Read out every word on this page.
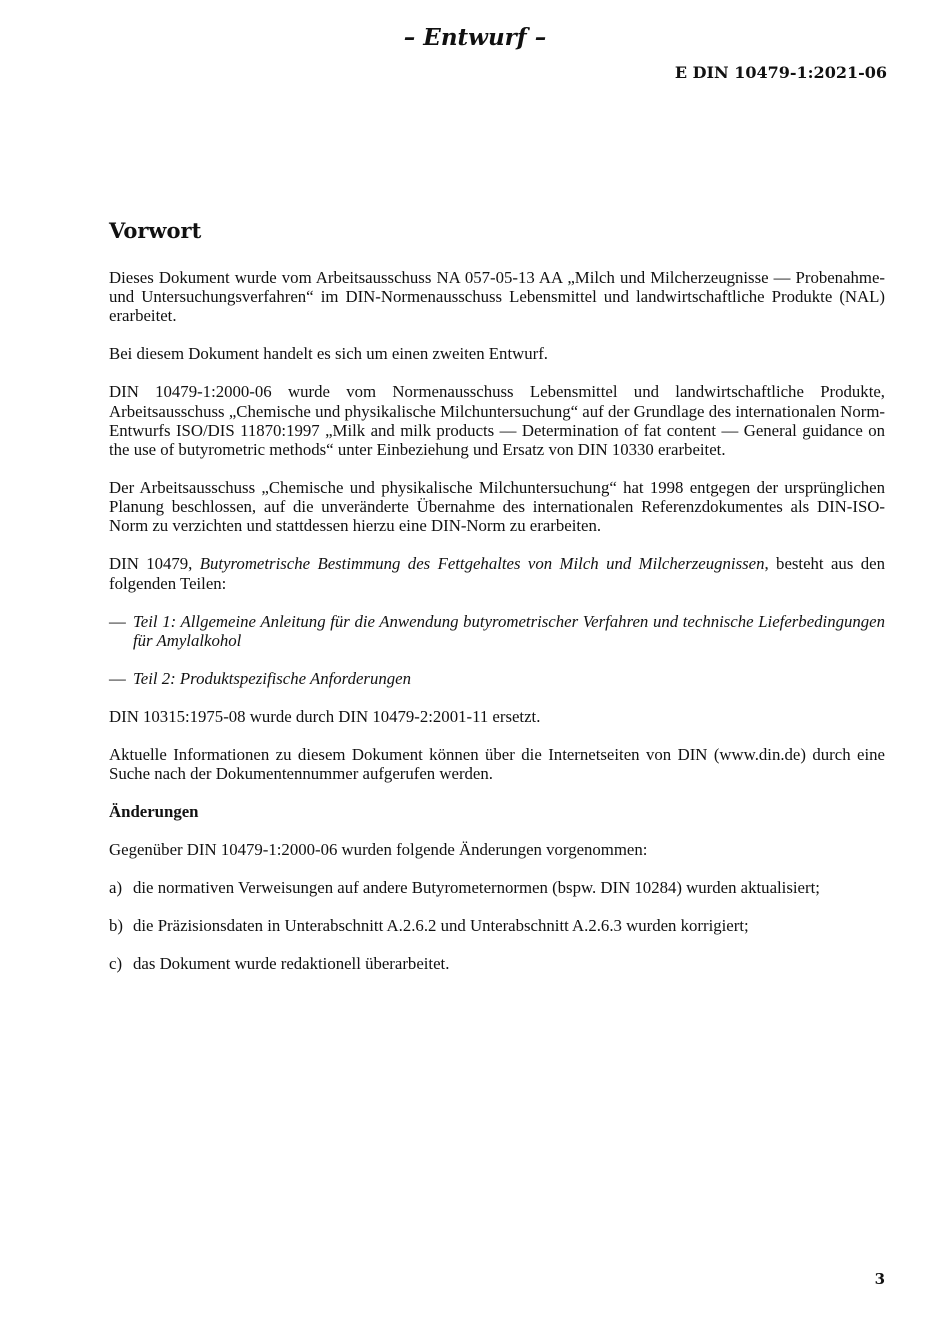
– Entwurf –
E DIN 10479-1:2021-06
Vorwort

Dieses Dokument wurde vom Arbeitsausschuss NA 057-05-13 AA „Milch und Milcherzeugnisse — Probenahme- und Untersuchungsverfahren“ im DIN-Normenausschuss Lebensmittel und landwirtschaftliche Produkte (NAL) erarbeitet.

Bei diesem Dokument handelt es sich um einen zweiten Entwurf.

DIN 10479-1:2000-06 wurde vom Normenausschuss Lebensmittel und landwirtschaftliche Produkte, Arbeitsausschuss „Chemische und physikalische Milchuntersuchung“ auf der Grundlage des internationalen Norm-Entwurfs ISO/DIS 11870:1997 „Milk and milk products — Determination of fat content — General guidance on the use of butyrometric methods“ unter Einbeziehung und Ersatz von DIN 10330 erarbeitet.

Der Arbeitsausschuss „Chemische und physikalische Milchuntersuchung“ hat 1998 entgegen der ursprünglichen Planung beschlossen, auf die unveränderte Übernahme des internationalen Referenzdokumentes als DIN-ISO-Norm zu verzichten und stattdessen hierzu eine DIN-Norm zu erarbeiten.

DIN 10479, Butyrometrische Bestimmung des Fettgehaltes von Milch und Milcherzeugnissen, besteht aus den folgenden Teilen:

— Teil 1: Allgemeine Anleitung für die Anwendung butyrometrischer Verfahren und technische Lieferbedingungen für Amylalkohol
— Teil 2: Produktspezifische Anforderungen

DIN 10315:1975-08 wurde durch DIN 10479-2:2001-11 ersetzt.

Aktuelle Informationen zu diesem Dokument können über die Internetseiten von DIN (www.din.de) durch eine Suche nach der Dokumentennummer aufgerufen werden.

Änderungen

Gegenüber DIN 10479-1:2000-06 wurden folgende Änderungen vorgenommen:

a) die normativen Verweisungen auf andere Butyrometernormen (bspw. DIN 10284) wurden aktualisiert;
b) die Präzisionsdaten in Unterabschnitt A.2.6.2 und Unterabschnitt A.2.6.3 wurden korrigiert;
c) das Dokument wurde redaktionell überarbeitet.
3
